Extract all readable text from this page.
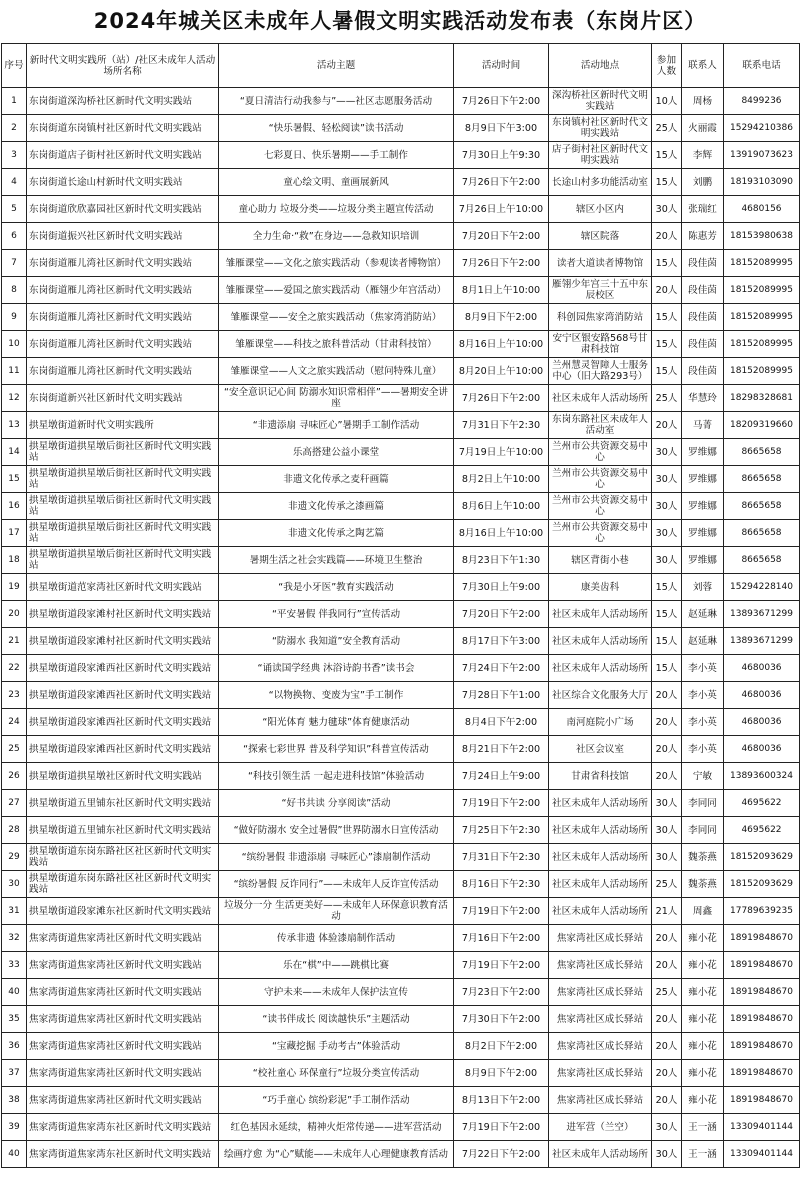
2024年城关区未成年人暑假文明实践活动发布表（东岗片区）
序号	新时代文明实践所（站）/社区未成年人活动场所名称	活动主题	活动时间	活动地点	参加人数	联系人	联系电话
1	东岗街道深沟桥社区新时代文明实践站	“夏日清洁行动我参与”——社区志愿服务活动	7月26日下午2:00	深沟桥社区新时代文明实践站	10人	周杨	8499236
2	东岗街道东岗镇村社区新时代文明实践站	“快乐暑假、轻松阅读”读书活动	8月9日下午3:00	东岗镇村社区新时代文明实践站	25人	火丽霞	15294210386
3	东岗街道店子街村社区新时代文明实践站	七彩夏日、快乐暑期——手工制作	7月30日上午9:30	店子街村社区新时代文明实践站	15人	李辉	13919073623
4	东岗街道长途山村新时代文明实践站	童心绘文明、童画展新风	7月26日下午2:00	长途山村多功能活动室	15人	刘鹏	18193103090
5	东岗街道欣欣嘉园社区新时代文明实践站	童心助力 垃圾分类——垃圾分类主题宣传活动	7月26日上午10:00	辖区小区内	30人	张瑞红	4680156
6	东岗街道振兴社区新时代文明实践站	全力生命·“救”在身边——急救知识培训	7月20日下午2:00	辖区院落	20人	陈惠芳	18153980638
7	东岗街道雁儿湾社区新时代文明实践站	雏雁课堂——文化之旅实践活动（参观读者博物馆）	7月26日下午2:00	读者大道读者博物馆	15人	段佳茵	18152089995
8	东岗街道雁儿湾社区新时代文明实践站	雏雁课堂——爱国之旅实践活动（雁翎少年宫活动）	8月1日上午10:00	雁翎少年宫三十五中东辰校区	20人	段佳茵	18152089995
9	东岗街道雁儿湾社区新时代文明实践站	雏雁课堂——安全之旅实践活动（焦家湾消防站）	8月9日下午2:00	科创园焦家湾消防站	15人	段佳茵	18152089995
10	东岗街道雁儿湾社区新时代文明实践站	雏雁课堂——科技之旅科普活动（甘肃科技馆）	8月16日上午10:00	安宁区银安路568号甘肃科技馆	15人	段佳茵	18152089995
11	东岗街道雁儿湾社区新时代文明实践站	雏雁课堂——人文之旅实践活动（慰问特殊儿童）	8月20日上午10:00	兰州慧灵智障人士服务中心（旧大路293号）	15人	段佳茵	18152089995
12	东岗街道新兴社区新时代文明实践站	“安全意识记心间 防溺水知识常相伴”——暑期安全讲座	7月26日下午2:00	社区未成年人活动场所	25人	华慧玲	18298328681
13	拱星墩街道新时代文明实践所	“非遗添扇 寻味匠心”暑期手工制作活动	7月31日下午2:30	东岗东路社区未成年人活动室	20人	马菁	18209319660
14	拱星墩街道拱星墩后街社区新时代文明实践站	乐高搭建公益小课堂	7月19日上午10:00	兰州市公共资源交易中心	30人	罗维娜	8665658
15	拱星墩街道拱星墩后街社区新时代文明实践站	非遗文化传承之麦秆画篇	8月2日上午10:00	兰州市公共资源交易中心	30人	罗维娜	8665658
16	拱星墩街道拱星墩后街社区新时代文明实践站	非遗文化传承之漆画篇	8月6日上午10:00	兰州市公共资源交易中心	30人	罗维娜	8665658
17	拱星墩街道拱星墩后街社区新时代文明实践站	非遗文化传承之陶艺篇	8月16日上午10:00	兰州市公共资源交易中心	30人	罗维娜	8665658
18	拱星墩街道拱星墩后街社区新时代文明实践站	暑期生活之社会实践篇——环境卫生整治	8月23日下午1:30	辖区背街小巷	30人	罗维娜	8665658
19	拱星墩街道范家湾社区新时代文明实践站	“我是小牙医”教育实践活动	7月30日上午9:00	康美齿科	15人	刘蓉	15294228140
20	拱星墩街道段家滩村社区新时代文明实践站	“平安暑假 伴我同行”宣传活动	7月20日下午2:00	社区未成年人活动场所	15人	赵延琳	13893671299
21	拱星墩街道段家滩村社区新时代文明实践站	“防溺水 我知道”安全教育活动	8月17日下午3:00	社区未成年人活动场所	15人	赵延琳	13893671299
22	拱星墩街道段家滩西社区新时代文明实践站	“诵读国学经典 沐浴诗韵书香”读书会	7月24日下午2:00	社区未成年人活动场所	15人	李小英	4680036
23	拱星墩街道段家滩西社区新时代文明实践站	“以物换物、变废为宝”手工制作	7月28日下午1:00	社区综合文化服务大厅	20人	李小英	4680036
24	拱星墩街道段家滩西社区新时代文明实践站	“阳光体育 魅力毽球”体育健康活动	8月4日下午2:00	南河庭院小广场	20人	李小英	4680036
25	拱星墩街道段家滩西社区新时代文明实践站	“探索七彩世界 普及科学知识”科普宣传活动	8月21日下午2:00	社区会议室	20人	李小英	4680036
26	拱星墩街道拱星墩社区新时代文明实践站	“科技引领生活 一起走进科技馆”体验活动	7月24日上午9:00	甘肃省科技馆	20人	宁敏	13893600324
27	拱星墩街道五里铺东社区新时代文明实践站	“好书共读 分享阅读”活动	7月19日下午2:00	社区未成年人活动场所	30人	李同同	4695622
28	拱星墩街道五里铺东社区新时代文明实践站	“做好防溺水 安全过暑假”世界防溺水日宣传活动	7月25日下午2:30	社区未成年人活动场所	30人	李同同	4695622
29	拱星墩街道东岗东路社区社区新时代文明实践站	“缤纷暑假 非遗添扇 寻味匠心”漆扇制作活动	7月31日下午2:30	社区未成年人活动场所	30人	魏荼燕	18152093629
30	拱星墩街道东岗东路社区社区新时代文明实践站	“缤纷暑假 反诈同行”——未成年人反诈宣传活动	8月16日下午2:30	社区未成年人活动场所	25人	魏荼燕	18152093629
31	拱星墩街道段家滩东社区新时代文明实践站	垃圾分一分 生活更美好——未成年人环保意识教育活动	7月19日下午2:00	社区未成年人活动场所	21人	周鑫	17789639235
32	焦家湾街道焦家湾社区新时代文明实践站	传承非遗 体验漆扇制作活动	7月16日下午2:00	焦家湾社区成长驿站	20人	雍小花	18919848670
33	焦家湾街道焦家湾社区新时代文明实践站	乐在“棋”中——跳棋比赛	7月19日下午2:00	焦家湾社区成长驿站	20人	雍小花	18919848670
40	焦家湾街道焦家湾社区新时代文明实践站	守护未来——未成年人保护法宣传	7月23日下午2:00	焦家湾社区成长驿站	25人	雍小花	18919848670
35	焦家湾街道焦家湾社区新时代文明实践站	“读书伴成长 阅读越快乐”主题活动	7月30日下午2:00	焦家湾社区成长驿站	20人	雍小花	18919848670
36	焦家湾街道焦家湾社区新时代文明实践站	“宝藏挖掘 手动考古”体验活动	8月2日下午2:00	焦家湾社区成长驿站	20人	雍小花	18919848670
37	焦家湾街道焦家湾社区新时代文明实践站	“校社童心 环保童行”垃圾分类宣传活动	8月9日下午2:00	焦家湾社区成长驿站	20人	雍小花	18919848670
38	焦家湾街道焦家湾社区新时代文明实践站	“巧手童心 缤纷彩泥”手工制作活动	8月13日下午2:00	焦家湾社区成长驿站	20人	雍小花	18919848670
39	焦家湾街道焦家湾东社区新时代文明实践站	红色基因永延续，精神火炬常传递——进军营活动	7月19日下午2:00	进军营（兰空）	30人	王一涵	13309401144
40	焦家湾街道焦家湾东社区新时代文明实践站	绘画疗愈 为“心”赋能——未成年人心理健康教育活动	7月22日下午2:00	社区未成年人活动场所	30人	王一涵	13309401144
